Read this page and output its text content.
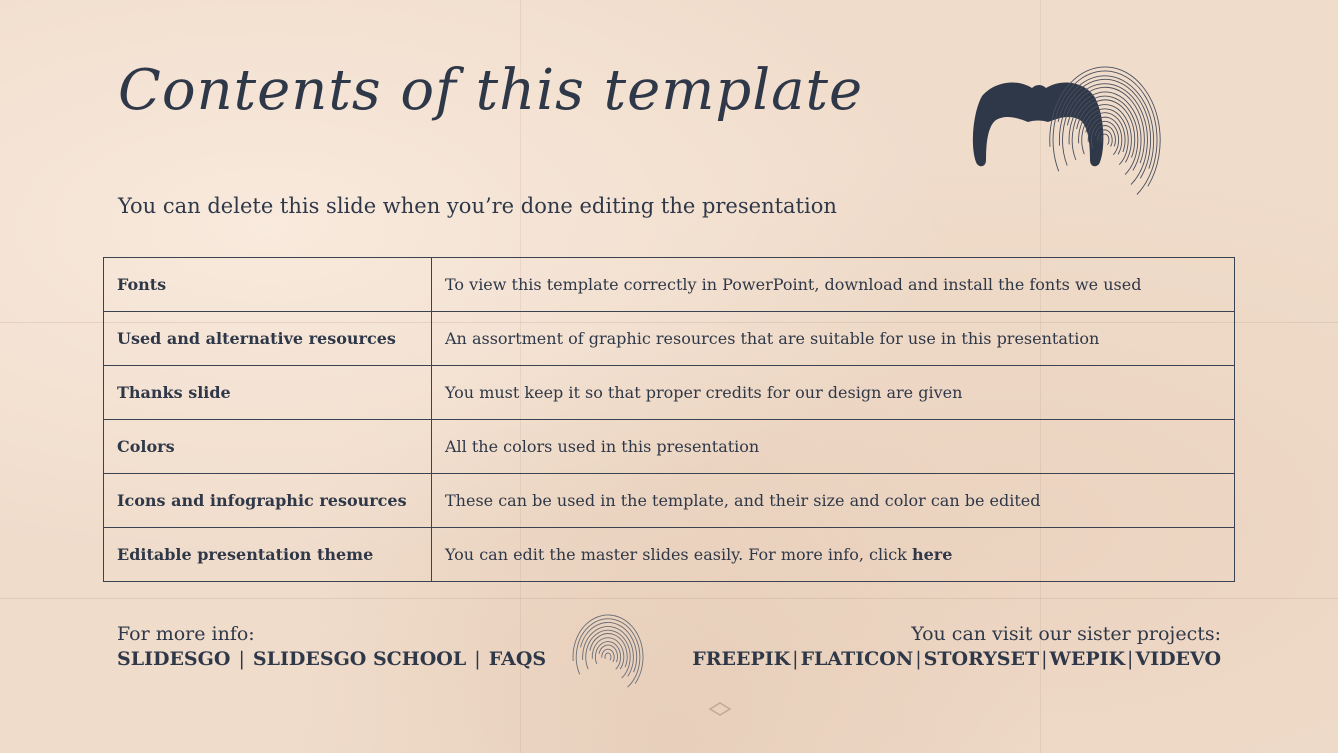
Contents of this template
You can delete this slide when you’re done editing the presentation
Fonts	To view this template correctly in PowerPoint, download and install the fonts we used
Used and alternative resources	An assortment of graphic resources that are suitable for use in this presentation
Thanks slide	You must keep it so that proper credits for our design are given
Colors	All the colors used in this presentation
Icons and infographic resources	These can be used in the template, and their size and color can be edited
Editable presentation theme	You can edit the master slides easily. For more info, click here
For more info:
SLIDESGO | SLIDESGO SCHOOL | FAQS
You can visit our sister projects:
FREEPIK | FLATICON | STORYSET | WEPIK | VIDEVO
